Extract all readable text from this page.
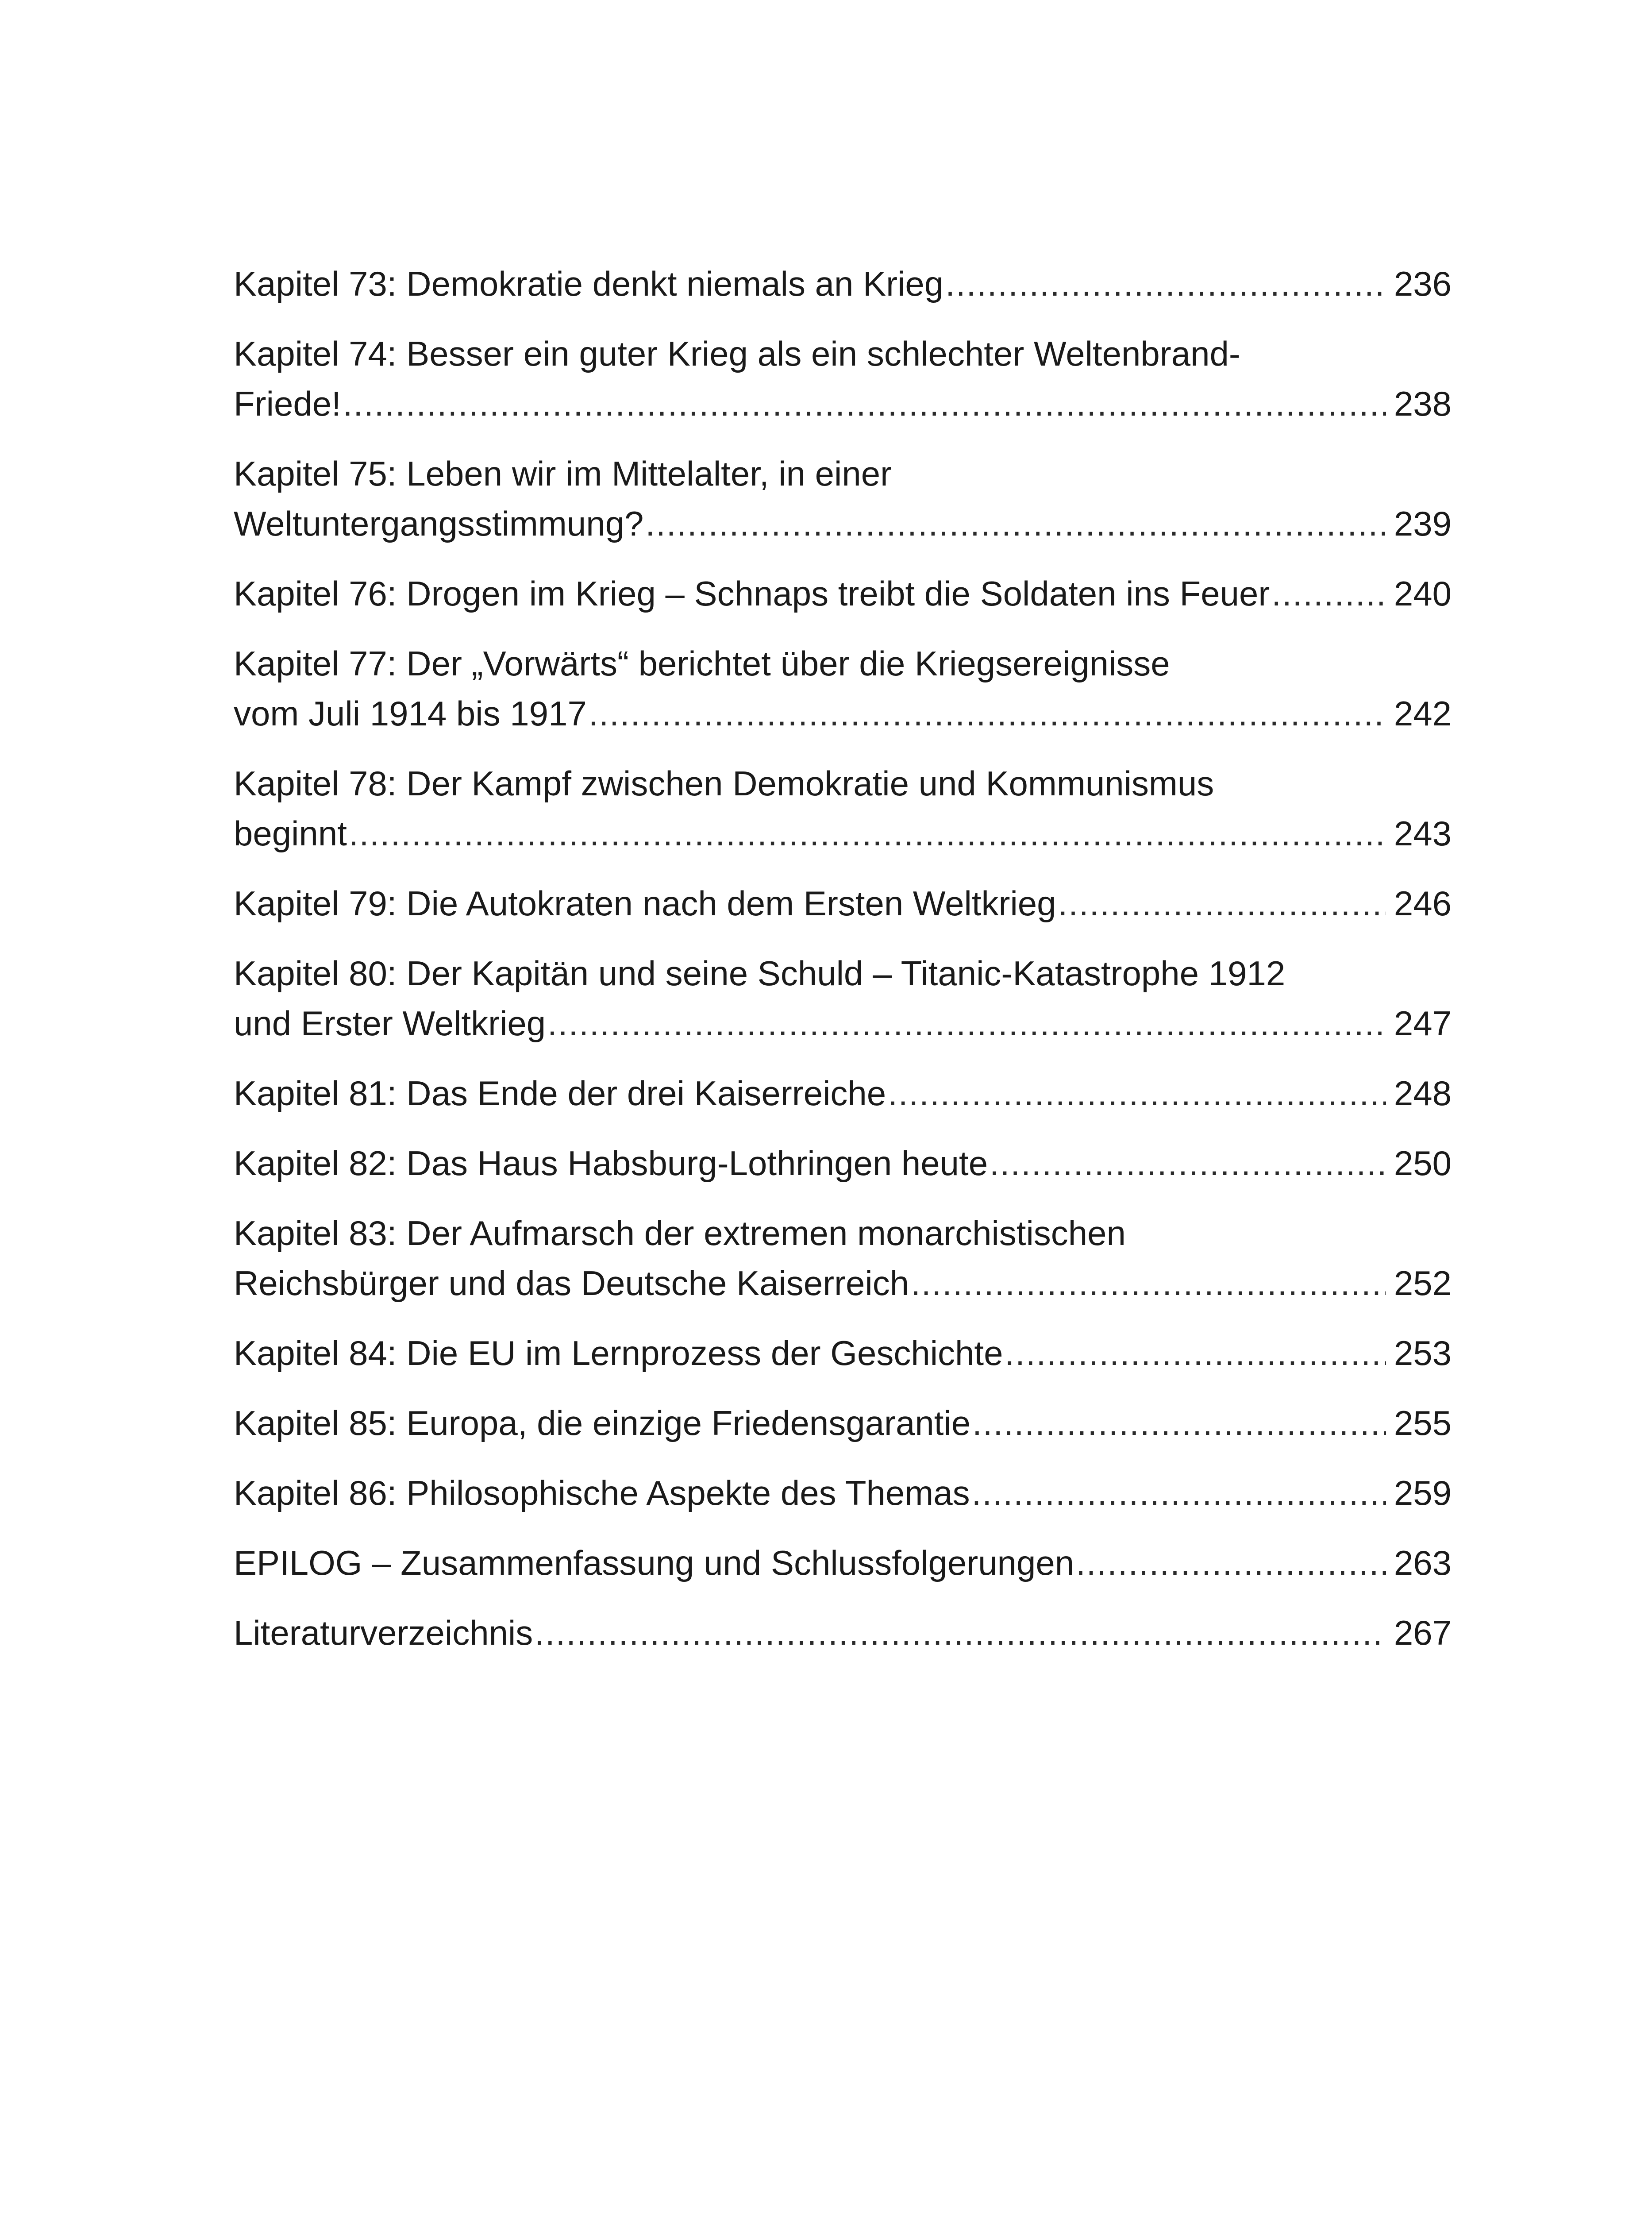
Kapitel 73: Demokratie denkt niemals an Krieg .....	236
Kapitel 74: Besser ein guter Krieg als ein schlechter Weltenbrand-
Friede! .....	238
Kapitel 75: Leben wir im Mittelalter, in einer
Weltuntergangsstimmung? .....	239
Kapitel 76: Drogen im Krieg – Schnaps treibt die Soldaten ins Feuer .....	240
Kapitel 77: Der „Vorwärts“ berichtet über die Kriegsereignisse
vom Juli 1914 bis 1917 .....	242
Kapitel 78: Der Kampf zwischen Demokratie und Kommunismus
beginnt .....	243
Kapitel 79: Die Autokraten nach dem Ersten Weltkrieg .....	246
Kapitel 80: Der Kapitän und seine Schuld – Titanic-Katastrophe 1912
und Erster Weltkrieg .....	247
Kapitel 81: Das Ende der drei Kaiserreiche .....	248
Kapitel 82: Das Haus Habsburg-Lothringen heute .....	250
Kapitel 83: Der Aufmarsch der extremen monarchistischen
Reichsbürger und das Deutsche Kaiserreich .....	252
Kapitel 84: Die EU im Lernprozess der Geschichte .....	253
Kapitel 85: Europa, die einzige Friedensgarantie .....	255
Kapitel 86: Philosophische Aspekte des Themas .....	259
EPILOG – Zusammenfassung und Schlussfolgerungen .....	263
Literaturverzeichnis .....	267
